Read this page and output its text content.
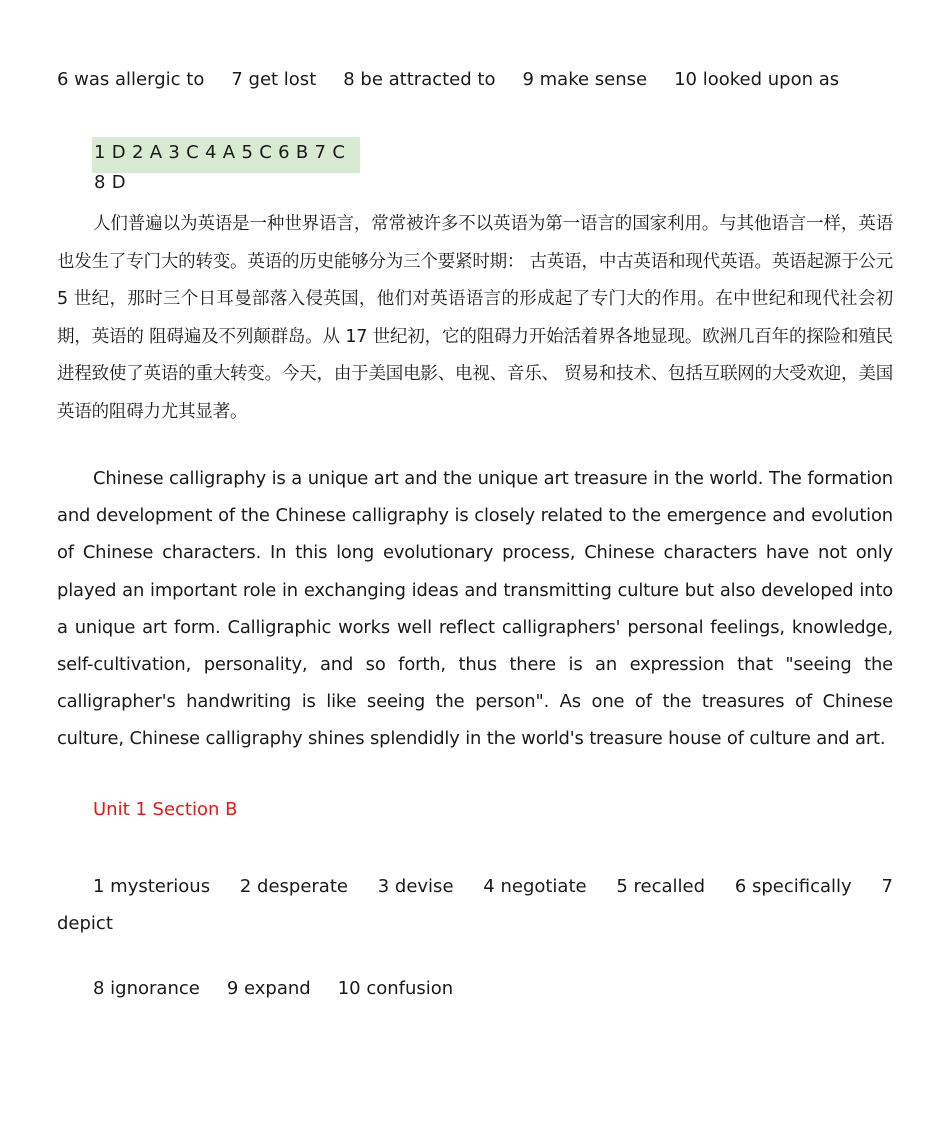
6 was allergic to 7 get lost 8 be attracted to 9 make sense 10 looked upon as
1 D 2 A 3 C 4 A 5 C 6 B 7 C 8 D

人们普遍以为英语是一种世界语言，常常被许多不以英语为第一语言的国家利用。与其他语言一样，英语也发生了专门大的转变。英语的历史能够分为三个要紧时期： 古英语，中古英语和现代英语。英语起源于公元 5 世纪，那时三个日耳曼部落入侵英国，他们对英语语言的形成起了专门大的作用。在中世纪和现代社会初期，英语的 阻碍遍及不列颠群岛。从 17 世纪初，它的阻碍力开始活着界各地显现。欧洲几百年的探险和殖民进程致使了英语的重大转变。今天，由于美国电影、电视、音乐、 贸易和技术、包括互联网的大受欢迎，美国英语的阻碍力尤其显著。

Chinese calligraphy is a unique art and the unique art treasure in the world. The formation and development of the Chinese calligraphy is closely related to the emergence and evolution of Chinese characters. In this long evolutionary process, Chinese characters have not only played an important role in exchanging ideas and transmitting culture but also developed into a unique art form. Calligraphic works well reflect calligraphers' personal feelings, knowledge, self-cultivation, personality, and so forth, thus there is an expression that "seeing the calligrapher's handwriting is like seeing the person". As one of the treasures of Chinese culture, Chinese calligraphy shines splendidly in the world's treasure house of culture and art.

Unit 1 Section B
1 mysterious 2 desperate 3 devise 4 negotiate 5 recalled 6 specifically 7
depict
8 ignorance 9 expand 10 confusion
